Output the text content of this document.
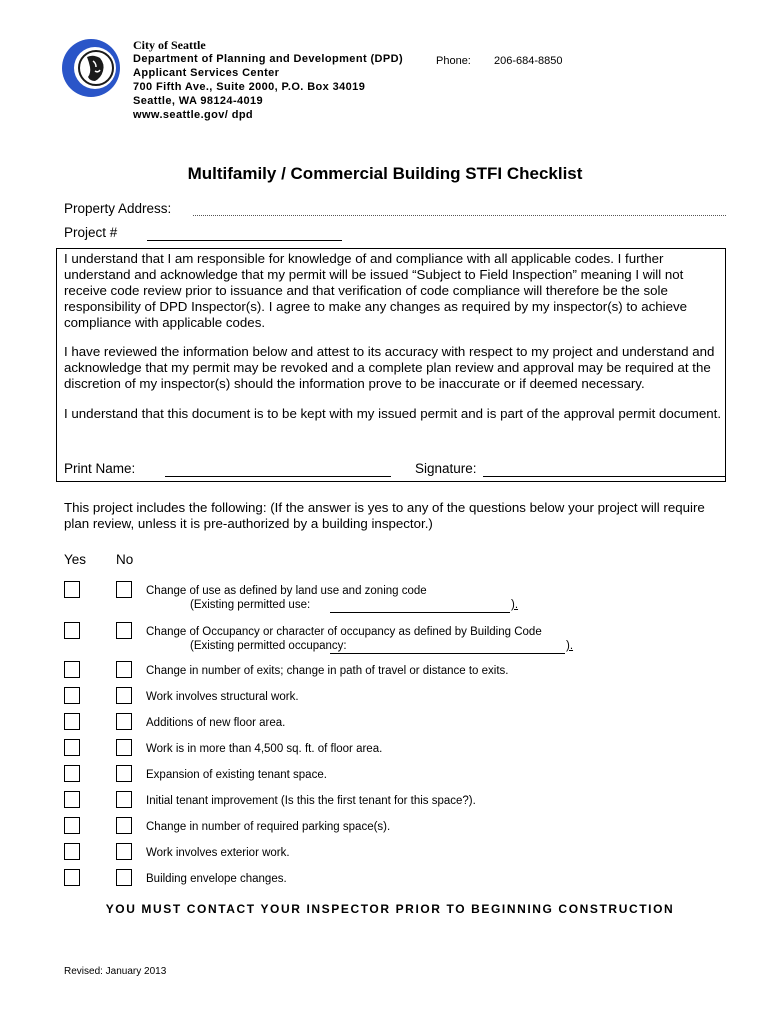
City of Seattle
Department of Planning and Development (DPD)
Applicant Services Center
700 Fifth Ave., Suite 2000, P.O. Box 34019
Seattle, WA 98124-4019
www.seattle.gov/ dpd
Phone: 206-684-8850
Multifamily / Commercial Building STFI Checklist
Property Address:
Project #
I understand that I am responsible for knowledge of and compliance with all applicable codes. I further understand and acknowledge that my permit will be issued “Subject to Field Inspection” meaning I will not receive code review prior to issuance and that verification of code compliance will therefore be the sole responsibility of DPD Inspector(s). I agree to make any changes as required by my inspector(s) to achieve compliance with applicable codes.
I have reviewed the information below and attest to its accuracy with respect to my project and understand and acknowledge that my permit may be revoked and a complete plan review and approval may be required at the discretion of my inspector(s) should the information prove to be inaccurate or if deemed necessary.
I understand that this document is to be kept with my issued permit and is part of the approval permit document.
Print Name:	Signature:
This project includes the following: (If the answer is yes to any of the questions below your project will require plan review, unless it is pre-authorized by a building inspector.)
Yes No
Change of use as defined by land use and zoning code
(Existing permitted use:	).
Change of Occupancy or character of occupancy as defined by Building Code
(Existing permitted occupancy:	).
Change in number of exits; change in path of travel or distance to exits.
Work involves structural work.
Additions of new floor area.
Work is in more than 4,500 sq. ft. of floor area.
Expansion of existing tenant space.
Initial tenant improvement (Is this the first tenant for this space?).
Change in number of required parking space(s).
Work involves exterior work.
Building envelope changes.
YOU MUST CONTACT YOUR INSPECTOR PRIOR TO BEGINNING CONSTRUCTION
Revised: January 2013
